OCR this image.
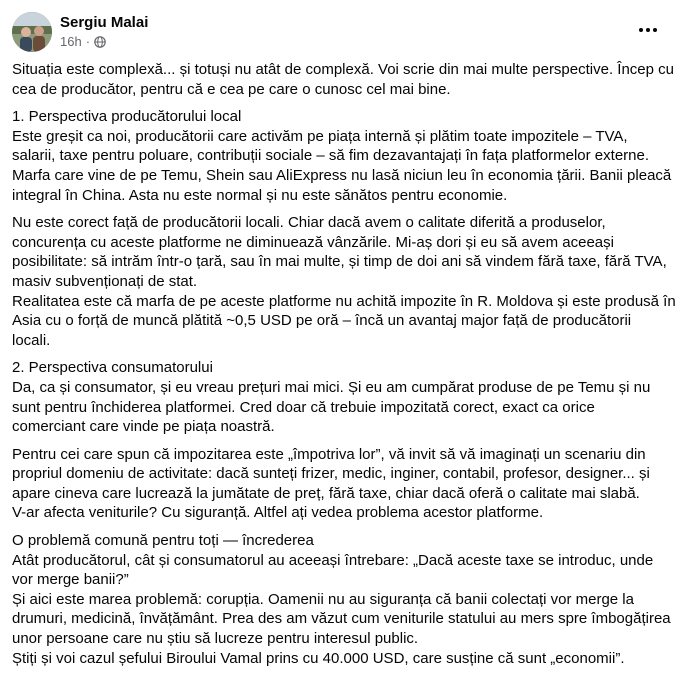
Sergiu Malai
16h ·

Situația este complexă... și totuși nu atât de complexă. Voi scrie din mai multe perspective. Încep cu
cea de producător, pentru că e cea pe care o cunosc cel mai bine.

1. Perspectiva producătorului local
Este greșit ca noi, producătorii care activăm pe piața internă și plătim toate impozitele – TVA,
salarii, taxe pentru poluare, contribuții sociale – să fim dezavantajați în fața platformelor externe.
Marfa care vine de pe Temu, Shein sau AliExpress nu lasă niciun leu în economia țării. Banii pleacă
integral în China. Asta nu este normal și nu este sănătos pentru economie.

Nu este corect față de producătorii locali. Chiar dacă avem o calitate diferită a produselor,
concurența cu aceste platforme ne diminuează vânzările. Mi-aș dori și eu să avem aceeași
posibilitate: să intrăm într-o țară, sau în mai multe, și timp de doi ani să vindem fără taxe, fără TVA,
masiv subvenționați de stat.
Realitatea este că marfa de pe aceste platforme nu achită impozite în R. Moldova și este produsă în
Asia cu o forță de muncă plătită ~0,5 USD pe oră – încă un avantaj major față de producătorii
locali.

2. Perspectiva consumatorului
Da, ca și consumator, și eu vreau prețuri mai mici. Și eu am cumpărat produse de pe Temu și nu
sunt pentru închiderea platformei. Cred doar că trebuie impozitată corect, exact ca orice
comerciant care vinde pe piața noastră.

Pentru cei care spun că impozitarea este „împotriva lor”, vă invit să vă imaginați un scenariu din
propriul domeniu de activitate: dacă sunteți frizer, medic, inginer, contabil, profesor, designer... și
apare cineva care lucrează la jumătate de preț, fără taxe, chiar dacă oferă o calitate mai slabă.
V-ar afecta veniturile? Cu siguranță. Altfel ați vedea problema acestor platforme.

O problemă comună pentru toți — încrederea
Atât producătorul, cât și consumatorul au aceeași întrebare: „Dacă aceste taxe se introduc, unde
vor merge banii?”
Și aici este marea problemă: corupția. Oamenii nu au siguranța că banii colectați vor merge la
drumuri, medicină, învățământ. Prea des am văzut cum veniturile statului au mers spre îmbogățirea
unor persoane care nu știu să lucreze pentru interesul public.
Știți și voi cazul șefului Biroului Vamal prins cu 40.000 USD, care susține că sunt „economii”.
